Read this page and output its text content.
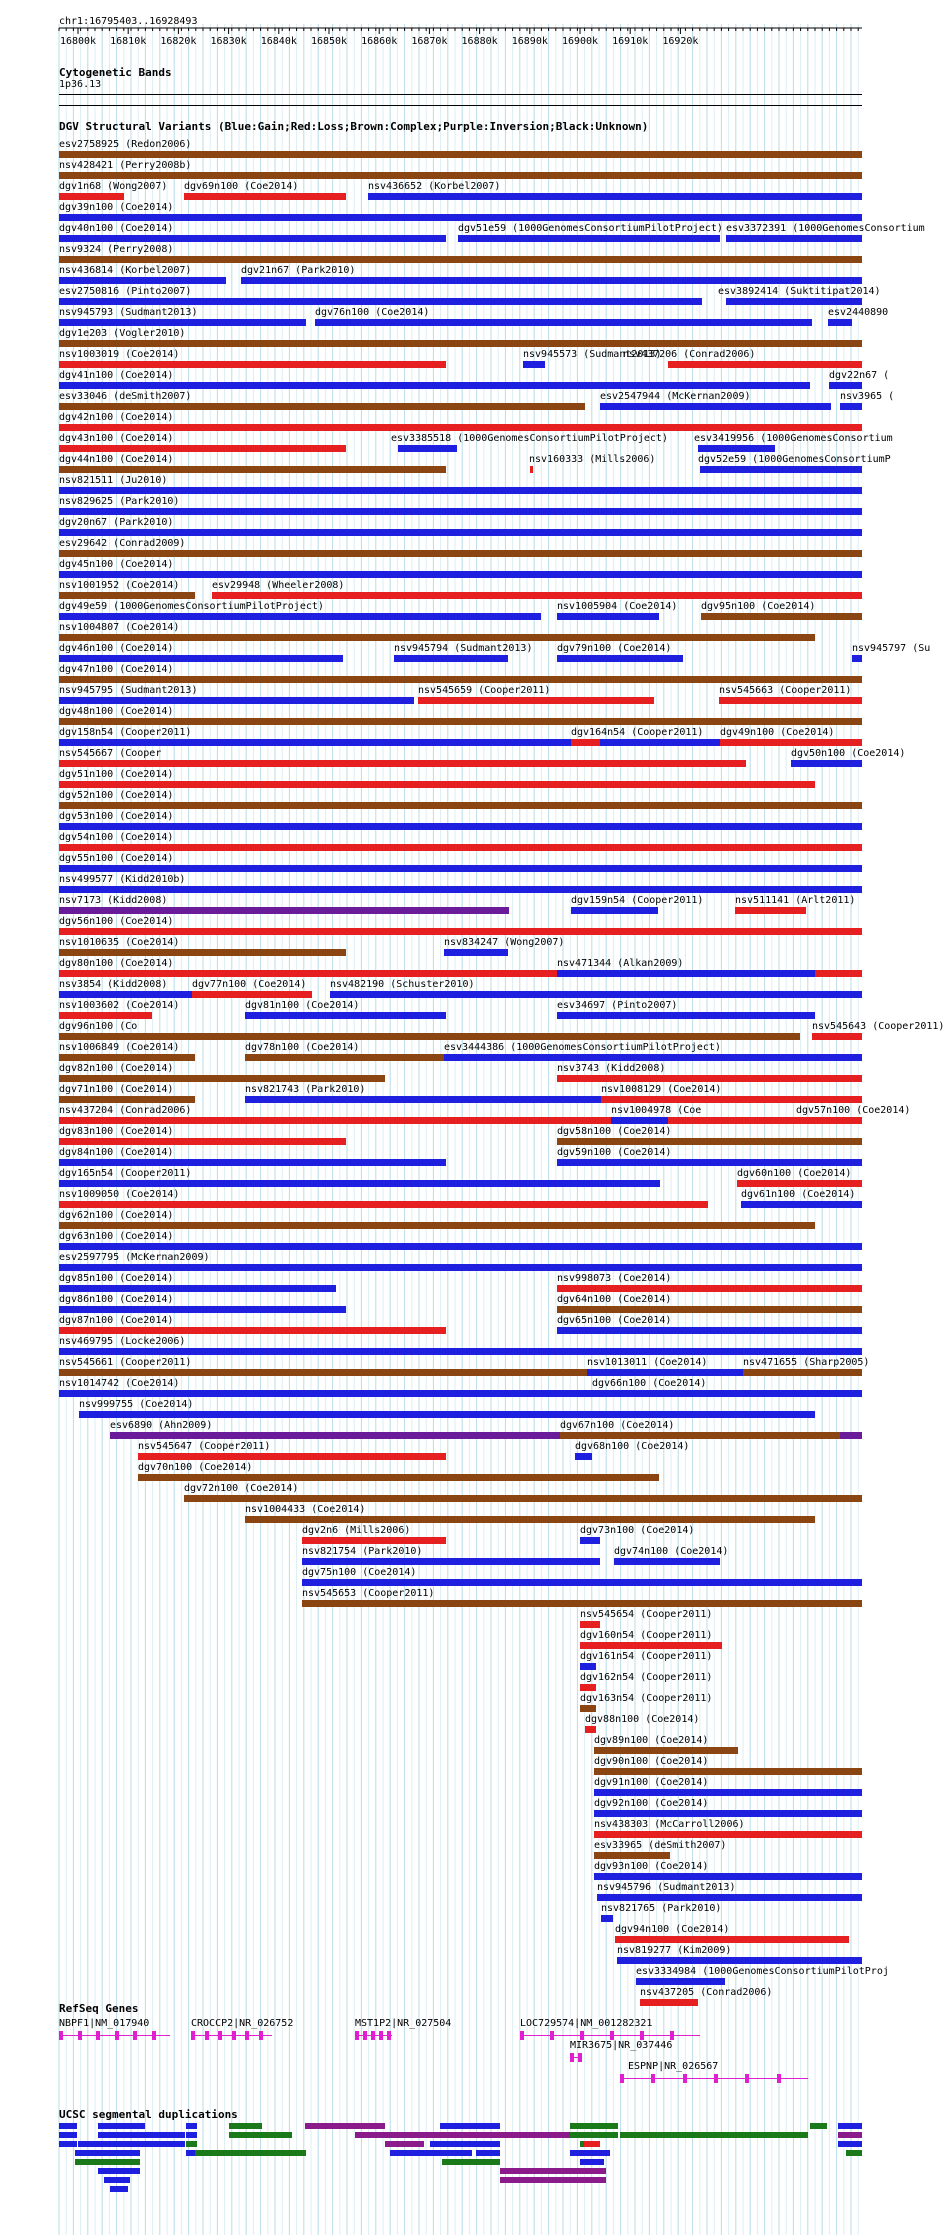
chr1:16795403..16928493
16800k 16810k 16820k 16830k 16840k 16850k 16860k 16870k 16880k 16890k 16900k 16910k 16920k
Cytogenetic Bands
1p36.13
DGV Structural Variants (Blue:Gain;Red:Loss;Brown:Complex;Purple:Inversion;Black:Unknown)
esv2758925 (Redon2006)
nsv428421 (Perry2008b)
dgv1n68 (Wong2007) dgv69n100 (Coe2014)	nsv436652 (Korbel2007)
dgv39n100 (Coe2014)
dgv40n100 (Coe2014)	dgv51e59 (1000GenomesConsortiumPilotProject) esv3372391 (1000GenomesConsortium
nsv9324 (Perry2008)
nsv436814 (Korbel2007)	dgv21n67 (Park2010)
esv2750816 (Pinto2007)	esv3892414 (Suktitipat2014)
nsv945793 (Sudmant2013)	dgv76n100 (Coe2014)	esv2440890
dgv1e203 (Vogler2010)
nsv1003019 (Coe2014)	nsv945573 (Sudmant2013)
nsv437206 (Conrad2006)
dgv41n100 (Coe2014)	dgv22n67 (
esv33046 (deSmith2007)	esv2547944 (McKernan2009)	nsv3965 (
dgv42n100 (Coe2014)
dgv43n100 (Coe2014)	esv3385518 (1000GenomesConsortiumPilotProject)	esv3419956 (1000GenomesConsortium
dgv44n100 (Coe2014)	nsv160333 (Mills2006)	dgv52e59 (1000GenomesConsortiumP
nsv821511 (Ju2010)
nsv829625 (Park2010)
dgv20n67 (Park2010)
esv29642 (Conrad2009)
dgv45n100 (Coe2014)
nsv1001952 (Coe2014)	esv29948 (Wheeler2008)
dgv49e59 (1000GenomesConsortiumPilotProject)	nsv1005904 (Coe2014) dgv95n100 (Coe2014)
nsv1004807 (Coe2014)
dgv46n100 (Coe2014)	nsv945794 (Sudmant2013) dgv79n100 (Coe2014)	nsv945797 (Su
dgv47n100 (Coe2014)
nsv945795 (Sudmant2013)	nsv545659 (Cooper2011)	nsv545663 (Cooper2011)
dgv48n100 (Coe2014)
dgv158n54 (Cooper2011)	dgv164n54 (Cooper2011) dgv49n100 (Coe2014)
nsv545667 (Cooper	dgv50n100 (Coe2014)
dgv51n100 (Coe2014)
dgv52n100 (Coe2014)
dgv53n100 (Coe2014)
dgv54n100 (Coe2014)
dgv55n100 (Coe2014)
nsv499577 (Kidd2010b)
nsv7173 (Kidd2008)	dgv159n54 (Cooper2011)	nsv511141 (Arlt2011)
dgv56n100 (Coe2014)
nsv1010635 (Coe2014)	nsv834247 (Wong2007)
dgv80n100 (Coe2014)	nsv471344 (Alkan2009)
nsv3854 (Kidd2008) dgv77n100 (Coe2014) nsv482190 (Schuster2010)
nsv1003602 (Coe2014)	dgv81n100 (Coe2014)	esv34697 (Pinto2007)
dgv96n100 (Co	nsv545643 (Cooper2011)
nsv1006849 (Coe2014)	dgv78n100 (Coe2014)	esv3444386 (1000GenomesConsortiumPilotProject)
dgv82n100 (Coe2014)	nsv3743 (Kidd2008)
dgv71n100 (Coe2014)	nsv821743 (Park2010)	nsv1008129 (Coe2014)
nsv437204 (Conrad2006)	nsv1004978 (Coe	dgv57n100 (Coe2014)
dgv83n100 (Coe2014)	dgv58n100 (Coe2014)
dgv84n100 (Coe2014)	dgv59n100 (Coe2014)
dgv165n54 (Cooper2011)	dgv60n100 (Coe2014)
nsv1009050 (Coe2014)	dgv61n100 (Coe2014)
dgv62n100 (Coe2014)
dgv63n100 (Coe2014)
esv2597795 (McKernan2009)
dgv85n100 (Coe2014)	nsv998073 (Coe2014)
dgv86n100 (Coe2014)	dgv64n100 (Coe2014)
dgv87n100 (Coe2014)	dgv65n100 (Coe2014)
nsv469795 (Locke2006)
nsv545661 (Cooper2011)	nsv1013011 (Coe2014)	nsv471655 (Sharp2005)
nsv1014742 (Coe2014)	dgv66n100 (Coe2014)
nsv999755 (Coe2014)
esv6890 (Ahn2009)	dgv67n100 (Coe2014)
nsv545647 (Cooper2011)	dgv68n100 (Coe2014)
dgv70n100 (Coe2014)
dgv72n100 (Coe2014)
nsv1004433 (Coe2014)
dgv2n6 (Mills2006)	dgv73n100 (Coe2014)
nsv821754 (Park2010)	dgv74n100 (Coe2014)
dgv75n100 (Coe2014)
nsv545653 (Cooper2011)
nsv545654 (Cooper2011)
dgv160n54 (Cooper2011)
dgv161n54 (Cooper2011)
dgv162n54 (Cooper2011)
dgv163n54 (Cooper2011)
dgv88n100 (Coe2014)
dgv89n100 (Coe2014)
dgv90n100 (Coe2014)
dgv91n100 (Coe2014)
dgv92n100 (Coe2014)
nsv438303 (McCarroll2006)
esv33965 (deSmith2007)
dgv93n100 (Coe2014)
nsv945796 (Sudmant2013)
nsv821765 (Park2010)
dgv94n100 (Coe2014)
nsv819277 (Kim2009)
esv3334984 (1000GenomesConsortiumPilotProj
nsv437205 (Conrad2006)
RefSeq Genes
NBPF1|NM_017940	CROCCP2|NR_026752	MST1P2|NR_027504	LOC729574|NM_001282321
MIR3675|NR_037446
ESPNP|NR_026567
UCSC segmental duplications
